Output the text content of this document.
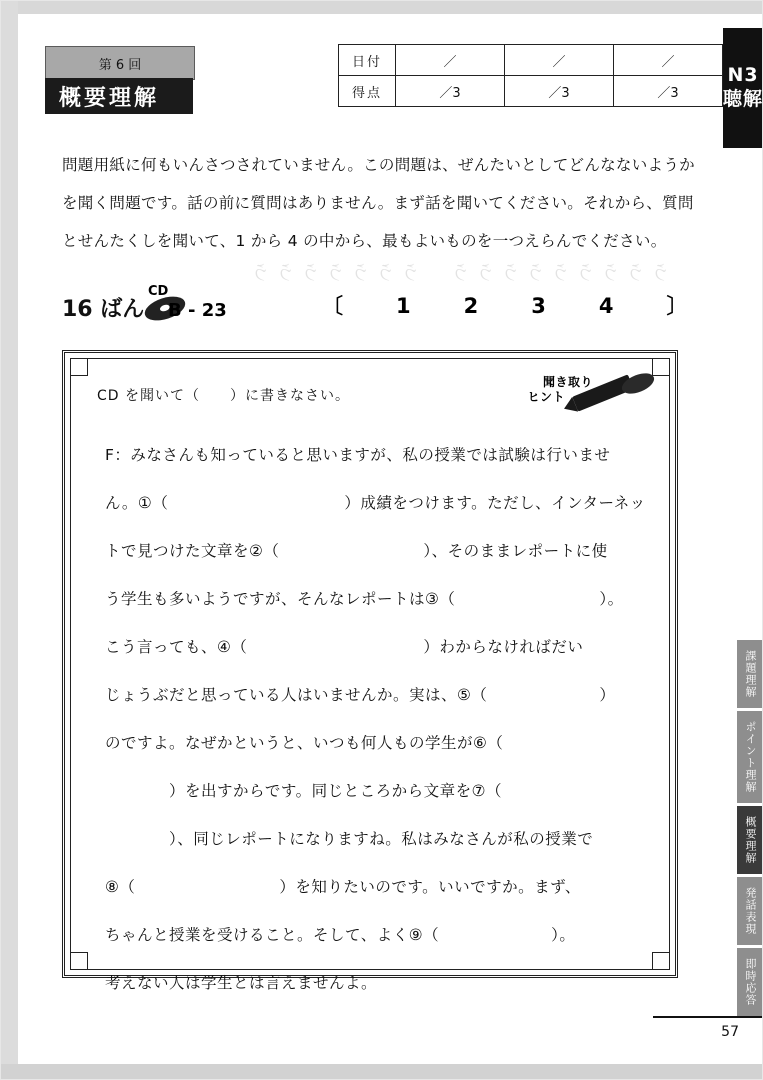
N3
聴解
課題理解
ポイント理解
概要理解
発話表現
即時応答
第 6 回
概要理解
日付	／	／	／
得点	／3	／3	／3
問題用紙に何もいんさつされていません。この問題は、ぜんたいとしてどんなないようか
を聞く問題です。話の前に質問はありません。まず話を聞いてください。それから、質問
とせんたくしを聞いて、1 から 4 の中から、最もよいものを一つえらんでください。
ううううううううう　ううううううう
16 ばん
CD
B - 23	〔　1　2　3　4　〕
CD を聞いて（　　）に書きなさい。
聞き取り
ヒント
F：みなさんも知っていると思いますが、私の授業では試験は行いませ
ん。①（　　　　　　　　　　　）成績をつけます。ただし、インターネッ
トで見つけた文章を②（　　　　　　　　　）、そのままレポートに使
う学生も多いようですが、そんなレポートは③（　　　　　　　　　）。
こう言っても、④（　　　　　　　　　　　）わからなければだい
じょうぶだと思っている人はいませんか。実は、⑤（　　　　　　　）
のですよ。なぜかというと、いつも何人もの学生が⑥（
　　　　）を出すからです。同じところから文章を⑦（
　　　　）、同じレポートになりますね。私はみなさんが私の授業で
⑧（　　　　　　　　　）を知りたいのです。いいですか。まず、
ちゃんと授業を受けること。そして、よく⑨（　　　　　　　）。
考えない人は学生とは言えませんよ。
57
